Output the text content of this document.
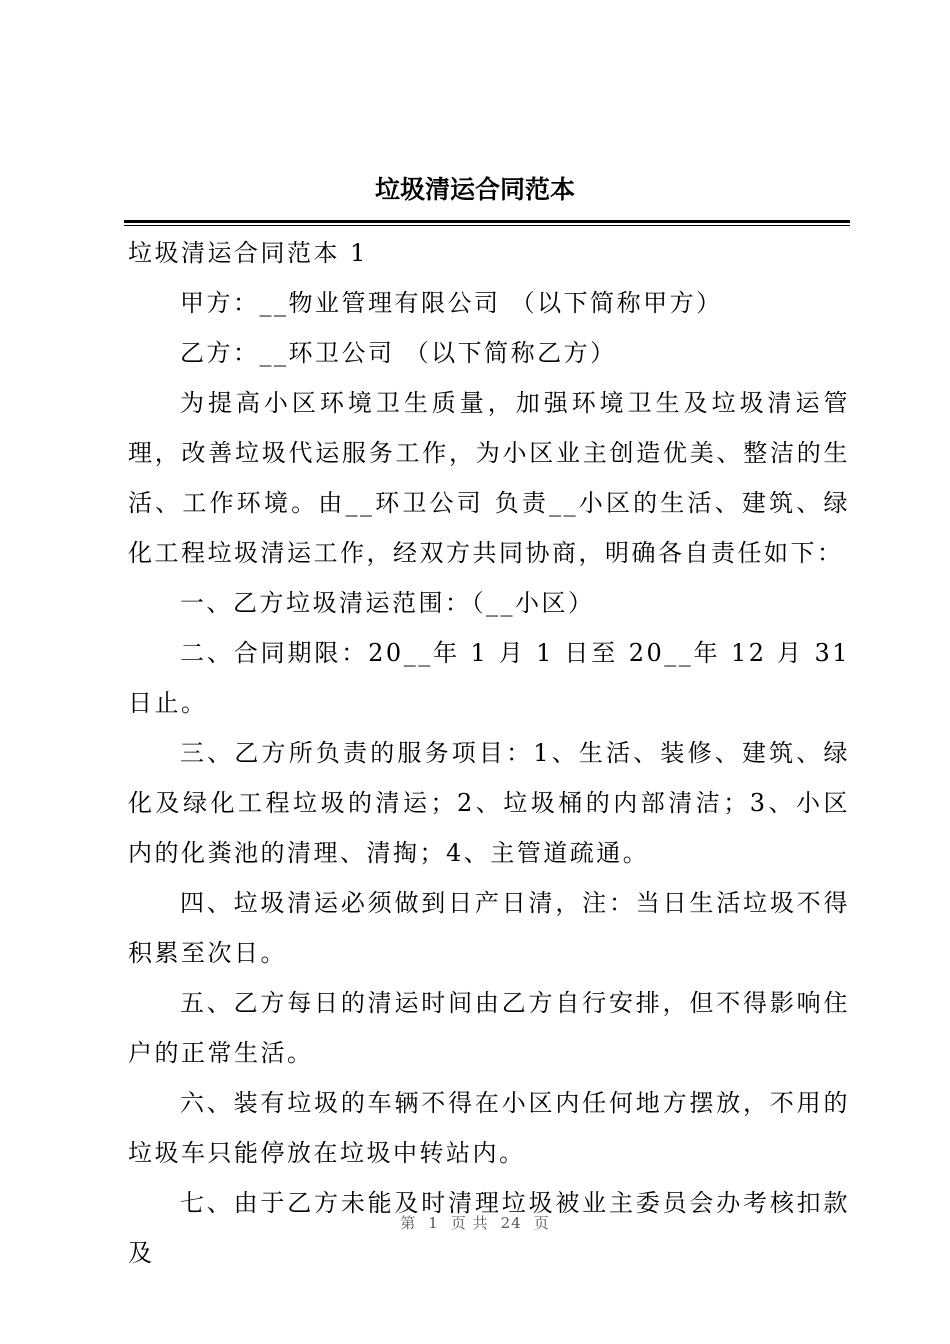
垃圾清运合同范本

垃圾清运合同范本 1

甲方：__物业管理有限公司 （以下简称甲方）

乙方：__环卫公司 （以下简称乙方）

为提高小区环境卫生质量，加强环境卫生及垃圾清运管理，改善垃圾代运服务工作，为小区业主创造优美、整洁的生活、工作环境。由__环卫公司 负责__小区的生活、建筑、绿化工程垃圾清运工作，经双方共同协商，明确各自责任如下：

一、乙方垃圾清运范围：（__小区）

二、合同期限：20__年 1 月 1 日至 20__年 12 月 31 日止。

三、乙方所负责的服务项目：1、生活、装修、建筑、绿化及绿化工程垃圾的清运；2、垃圾桶的内部清洁；3、小区内的化粪池的清理、清掏；4、主管道疏通。

四、垃圾清运必须做到日产日清，注：当日生活垃圾不得积累至次日。

五、乙方每日的清运时间由乙方自行安排，但不得影响住户的正常生活。

六、装有垃圾的车辆不得在小区内任何地方摆放，不用的垃圾车只能停放在垃圾中转站内。

七、由于乙方未能及时清理垃圾被业主委员会办考核扣款及

第 1 页 共 24 页
